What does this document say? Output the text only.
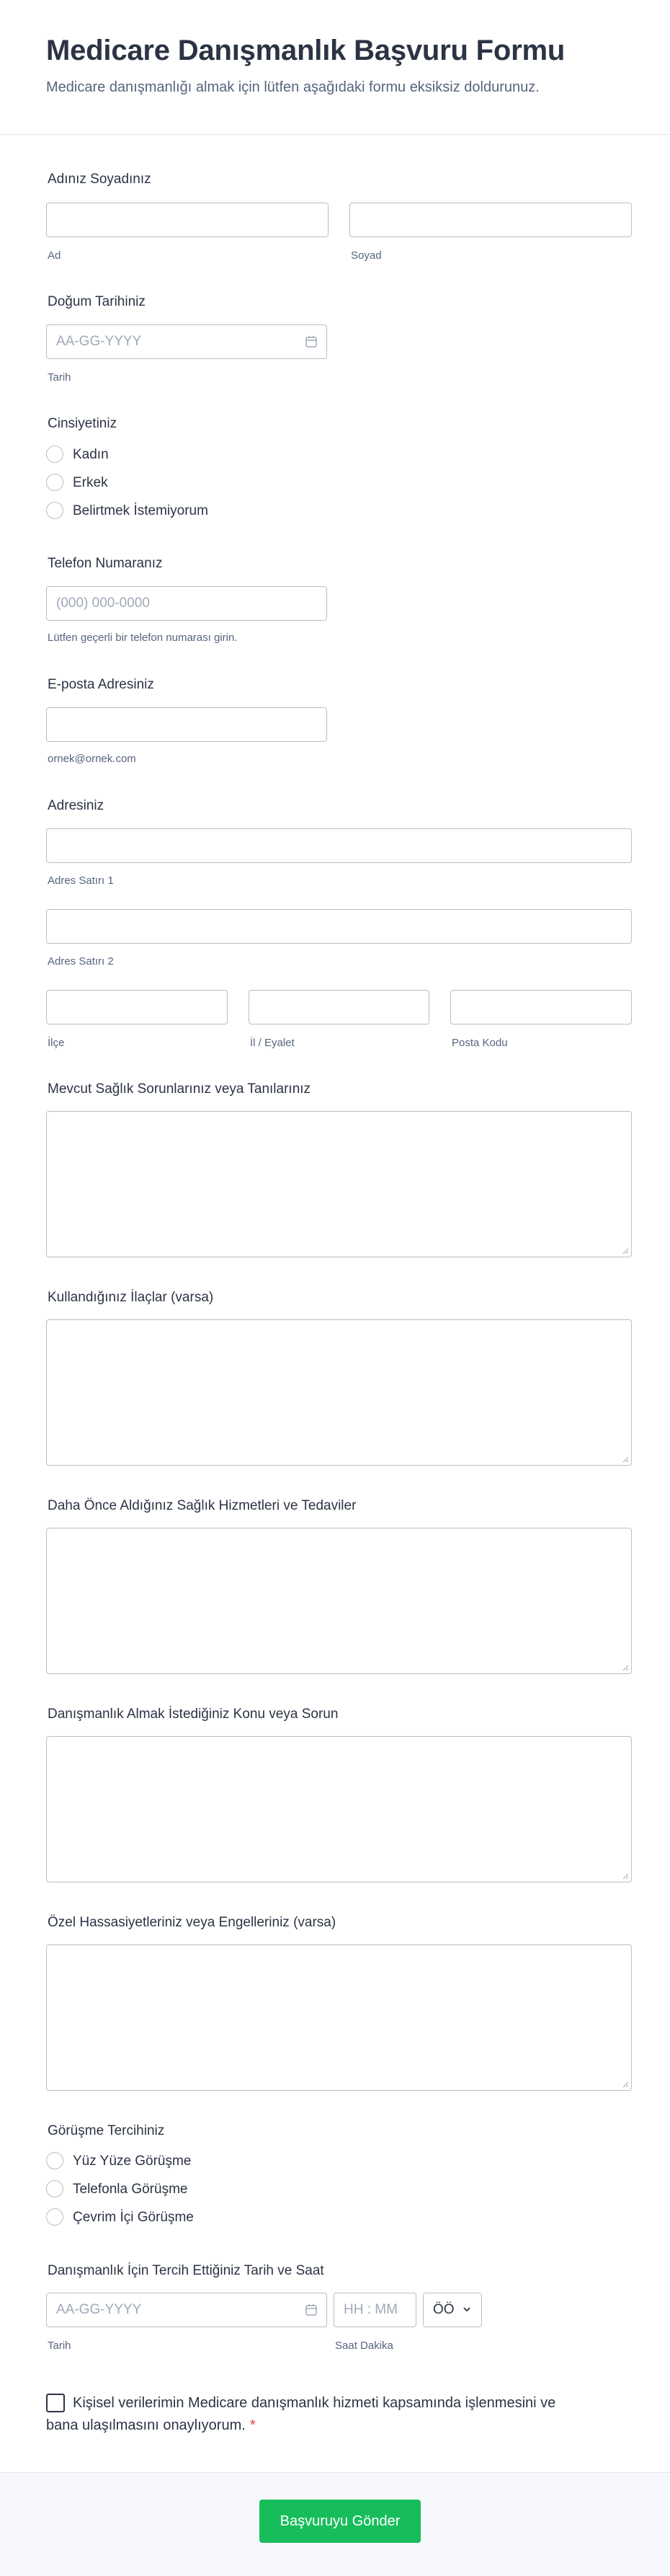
Medicare Danışmanlık Başvuru Formu

Medicare danışmanlığı almak için lütfen aşağıdaki formu eksiksiz doldurunuz.

Adınız Soyadınız
Ad	Soyad
Doğum Tarihiniz
AA-GG-YYYY
Tarih
Cinsiyetiniz
Kadın
Erkek
Belirtmek İstemiyorum
Telefon Numaranız
(000) 000-0000
Lütfen geçerli bir telefon numarası girin.
E-posta Adresiniz
ornek@ornek.com
Adresiniz
Adres Satırı 1
Adres Satırı 2
İlçe	İl / Eyalet	Posta Kodu
Mevcut Sağlık Sorunlarınız veya Tanılarınız
Kullandığınız İlaçlar (varsa)
Daha Önce Aldığınız Sağlık Hizmetleri ve Tedaviler
Danışmanlık Almak İstediğiniz Konu veya Sorun
Özel Hassasiyetleriniz veya Engelleriniz (varsa)
Görüşme Tercihiniz
Yüz Yüze Görüşme
Telefonla Görüşme
Çevrim İçi Görüşme
Danışmanlık İçin Tercih Ettiğiniz Tarih ve Saat
AA-GG-YYYY	HH : MM	ÖÖ
Tarih	Saat Dakika
Kişisel verilerimin Medicare danışmanlık hizmeti kapsamında işlenmesini ve bana ulaşılmasını onaylıyorum. *
Başvuruyu Gönder
